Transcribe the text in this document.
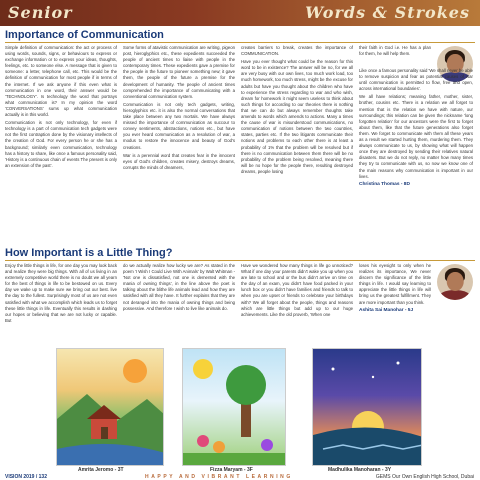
Senior	Words & Strokes
Importance of Communication

Simple definition of communication: the act or process of using words, sounds, signs, or behaviours to express or exchange information or to express your ideas, thoughts, feelings, etc. to someone else. A message that is given to someone: a letter, telephone call, etc. This would be the definition of communication for most people if in terms of the internet. If we ask anyone if this even what is communication in one word, their answer would be 'TECHNOLOGY'. Is technology the word that portrays what communication is? In my opinion the word 'CONVERSATIONS' sums up what communication actually is in this world.

Communication is not only technology, for even if technology is a part of communication tech gadgets were not the first contraption done by the visionary intellects of the creation of God. For every person he or she has a background; similarly even communication, technology has a history to share, like once a famous personality said, 'History is a continuous chain of events The present is only an extension of the past'.

Some forms of atavistic communication are writing, pigeon post, hieroglyphics etc., these expedients succeeded the people of ancient times to liaise with people in the contemporary times. These expedients gave a premise for the people in the future to pioneer something new; it gave them, the people of the future a premise for the development of humanity. The people of ancient times comprehended the importance of communicating with a conventional communication system.

Communication is not only tech gadgets, writing, hieroglyphics etc. it is also the normal conversations that take place between any two mortals. We have always missed the importance of communication as succour to convey sentiments, abstractions, notions etc., but have you ever heard communication as a resolution of war, a modus to restore the innocence and beauty of God's creations.

War is a perennial word that creates fear in the innocent eyes of God's children, creates misery, destroys dreams, corrupts the minds of dreamers,

creates barriers to break, creates the importance of COMMUNICATION.

Have you ever thought what could be the reason for this word to be in existence? The answer will be no, for we all are very busy with our own lives, too much work load, too much homework, too much stress, might be the excuse for adults but have you thought about the children who have to experience the stress regarding to war and who wish, dream for homework it might seem useless to think about such things for according to our theories there is nothing that we can do but always remember thoughts take amends to words which amends to actions. Many a times the cause of war is misunderstood communications, no communication of notions between the two countries, states, parties etc. If the two litigants communicate their notions and problems to each other there is at least a probability of 1% that the problem will be resolved but if there is no communication between them there will be no probability of the problem being resolved, meaning there will be no hope for the people there, resulting destroyed dreams, people losing

their faith in God i.e. He has a plan for them, he will help them.

Like once a famous personality said 'We shall never be able to remove suspicion and fear as potential causes of war until communication is permitted to flow, free and open, across international boundaries'.

We all have relations; meaning father, mother, sister, brother, cousins etc. There is a relation we all forget to mention that is the relation we have with nature, our surroundings; this relation can be given the nickname 'long forgotten relation' for our ancestors were the first to forget about them, like that the future generations also forget them. We forget to communicate with them all these years as a result we started hurting them, murdering them. They always communicate to us, by showing what will happen once they are destroyed by sending their relatives natural disasters. But we do not reply, no matter how many times they try to communicate with us, so now we know one of the main reasons why communication is important in our lives.

Christina Thomas - 8D

How Important is a Little Thing?

Enjoy the little things in life, for one day you may look back and realize they were big things. With all of us living in an extremely competitive world there is no doubt we all yearn for the best of things in life to be bestowed on us. Every day we wake up to make sure we bring out our best. live the day to the fullest. Surprisingly most of us are not even satisfied with what we accomplish which leads us to forget these little things in life. Eventually this results in dashing our hopes or believing that we are not lucky or capable. But

do we actually realize how lucky we are? As stated in the poem 'I Wish I Could Live With Animals' by Walt Whitman - 'Not one is dissatisfied, not one is demented with the mania of owning things', in the line above the poet is talking about the blithe life animals lead and how they are satisfied with all they have. It further explains that they are not deranged into the mania of owning things and being possessive. And therefore I wish to live like animals do.

Have we wondered how many things in life go unnoticed? What if one day your parents didn't wake you up when you are late to school and or the bus didn't arrive on time on the day of an exam, you didn't have food packed in your lunch box or you didn't have families and friends to talk to when you are upset or friends to celebrate your birthdays with? We all forget about the people, things and reasons which are little things but add up to our huge achievements. Like the old proverb, 'When one

loses his eyesight to only when he realizes its importance, We never discern the significance of the little things in life. I would say learning to appreciate the little things in life will bring us the greatest fulfillment. They are more important than you think.

Ashita Sai Manohar - 5J

Amrita Jeromo - 3T	Fizza Maryam - 3F	Madhulika Manoharan - 3Y
VISION 2019 / 132	HAPPY AND VIBRANT LEARNING	GEMS Our Own English High School, Dubai
